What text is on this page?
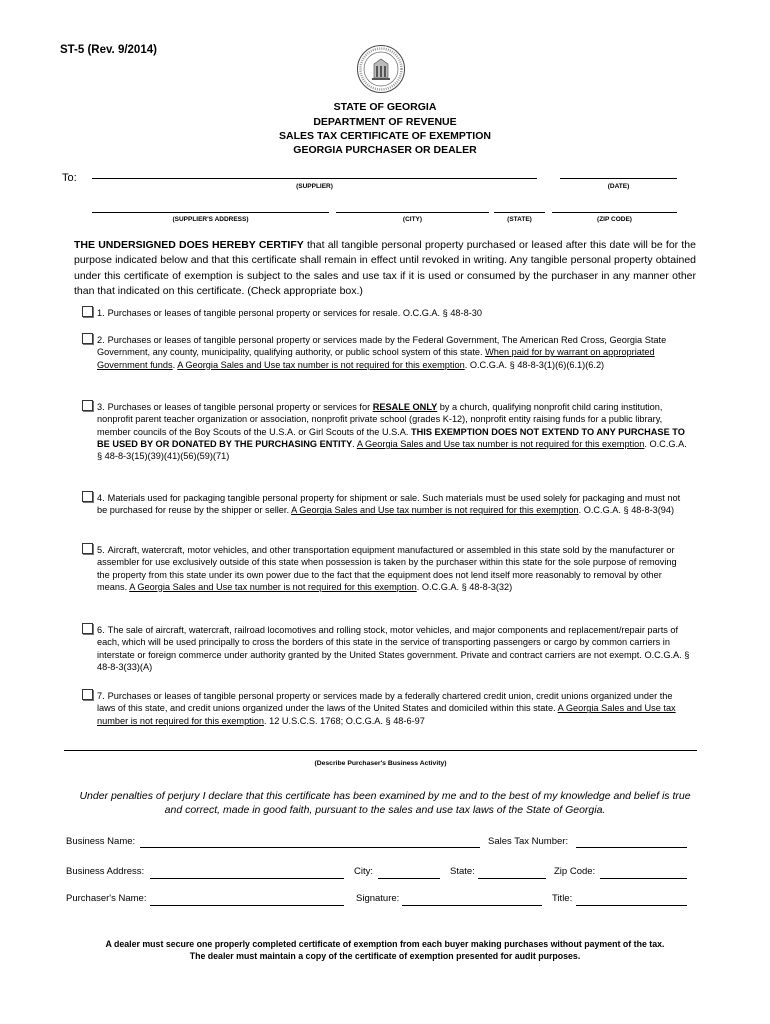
ST-5 (Rev. 9/2014)
STATE OF GEORGIA
DEPARTMENT OF REVENUE
SALES TAX CERTIFICATE OF EXEMPTION
GEORGIA PURCHASER OR DEALER
To:
(SUPPLIER)	(DATE)
(SUPPLIER'S ADDRESS)	(CITY)	(STATE)	(ZIP CODE)
THE UNDERSIGNED DOES HEREBY CERTIFY that all tangible personal property purchased or leased after this date will be for the purpose indicated below and that this certificate shall remain in effect until revoked in writing. Any tangible personal property obtained under this certificate of exemption is subject to the sales and use tax if it is used or consumed by the purchaser in any manner other than that indicated on this certificate. (Check appropriate box.)
1. Purchases or leases of tangible personal property or services for resale. O.C.G.A. § 48-8-30
2. Purchases or leases of tangible personal property or services made by the Federal Government, The American Red Cross, Georgia State Government, any county, municipality, qualifying authority, or public school system of this state. When paid for by warrant on appropriated Government funds. A Georgia Sales and Use tax number is not required for this exemption. O.C.G.A. § 48-8-3(1)(6)(6.1)(6.2)
3. Purchases or leases of tangible personal property or services for RESALE ONLY by a church, qualifying nonprofit child caring institution, nonprofit parent teacher organization or association, nonprofit private school (grades K-12), nonprofit entity raising funds for a public library, member councils of the Boy Scouts of the U.S.A. or Girl Scouts of the U.S.A. THIS EXEMPTION DOES NOT EXTEND TO ANY PURCHASE TO BE USED BY OR DONATED BY THE PURCHASING ENTITY. A Georgia Sales and Use tax number is not required for this exemption. O.C.G.A. § 48-8-3(15)(39)(41)(56)(59)(71)
4. Materials used for packaging tangible personal property for shipment or sale. Such materials must be used solely for packaging and must not be purchased for reuse by the shipper or seller. A Georgia Sales and Use tax number is not required for this exemption. O.C.G.A. § 48-8-3(94)
5. Aircraft, watercraft, motor vehicles, and other transportation equipment manufactured or assembled in this state sold by the manufacturer or assembler for use exclusively outside of this state when possession is taken by the purchaser within this state for the sole purpose of removing the property from this state under its own power due to the fact that the equipment does not lend itself more reasonably to removal by other means. A Georgia Sales and Use tax number is not required for this exemption. O.C.G.A. § 48-8-3(32)
6. The sale of aircraft, watercraft, railroad locomotives and rolling stock, motor vehicles, and major components and replacement/repair parts of each, which will be used principally to cross the borders of this state in the service of transporting passengers or cargo by common carriers in interstate or foreign commerce under authority granted by the United States government. Private and contract carriers are not exempt. O.C.G.A. § 48-8-3(33)(A)
7. Purchases or leases of tangible personal property or services made by a federally chartered credit union, credit unions organized under the laws of this state, and credit unions organized under the laws of the United States and domiciled within this state. A Georgia Sales and Use tax number is not required for this exemption. 12 U.S.C.S. 1768; O.C.G.A. § 48-6-97
(Describe Purchaser's Business Activity)
Under penalties of perjury I declare that this certificate has been examined by me and to the best of my knowledge and belief is true and correct, made in good faith, pursuant to the sales and use tax laws of the State of Georgia.
Business Name:	Sales Tax Number:
Business Address:	City:	State:	Zip Code:
Purchaser's Name:	Signature:	Title:
A dealer must secure one properly completed certificate of exemption from each buyer making purchases without payment of the tax.
The dealer must maintain a copy of the certificate of exemption presented for audit purposes.
